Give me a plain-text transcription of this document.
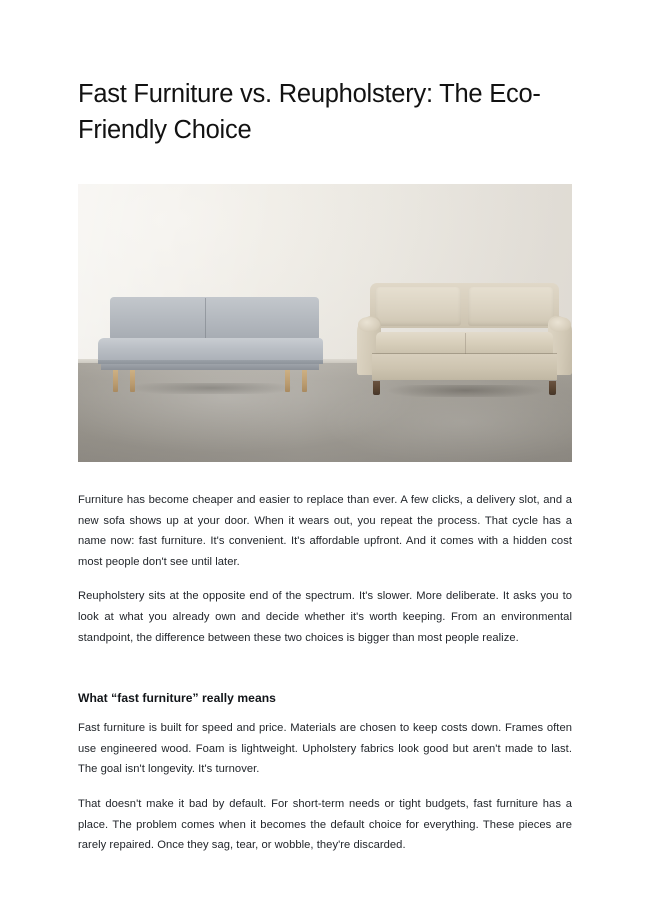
Fast Furniture vs. Reupholstery: The Eco-Friendly Choice

Furniture has become cheaper and easier to replace than ever. A few clicks, a delivery slot, and a new sofa shows up at your door. When it wears out, you repeat the process. That cycle has a name now: fast furniture. It's convenient. It's affordable upfront. And it comes with a hidden cost most people don't see until later.

Reupholstery sits at the opposite end of the spectrum. It's slower. More deliberate. It asks you to look at what you already own and decide whether it's worth keeping. From an environmental standpoint, the difference between these two choices is bigger than most people realize.

What “fast furniture” really means

Fast furniture is built for speed and price. Materials are chosen to keep costs down. Frames often use engineered wood. Foam is lightweight. Upholstery fabrics look good but aren't made to last. The goal isn't longevity. It's turnover.

That doesn't make it bad by default. For short-term needs or tight budgets, fast furniture has a place. The problem comes when it becomes the default choice for everything. These pieces are rarely repaired. Once they sag, tear, or wobble, they're discarded.
